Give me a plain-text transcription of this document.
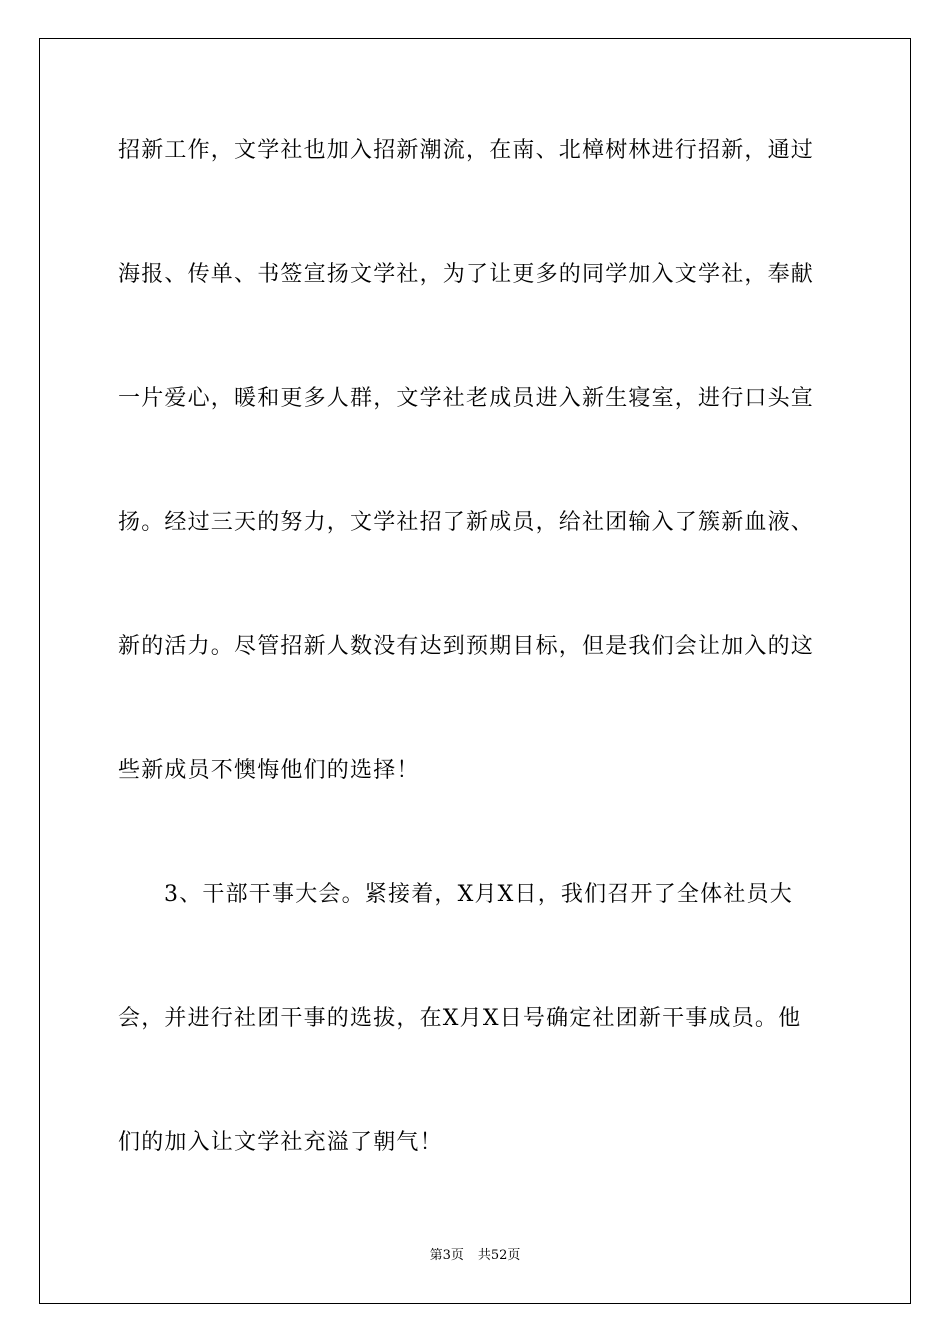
招新工作，文学社也加入招新潮流，在南、北樟树林进行招新，通过
海报、传单、书签宣扬文学社，为了让更多的同学加入文学社，奉献
一片爱心，暖和更多人群，文学社老成员进入新生寝室，进行口头宣
扬。经过三天的努力，文学社招了新成员，给社团输入了簇新血液、
新的活力。尽管招新人数没有达到预期目标，但是我们会让加入的这
些新成员不懊悔他们的选择！
3、干部干事大会。紧接着，X月X日，我们召开了全体社员大
会，并进行社团干事的选拔，在X月X日号确定社团新干事成员。他
们的加入让文学社充溢了朝气！
第3页 共52页
